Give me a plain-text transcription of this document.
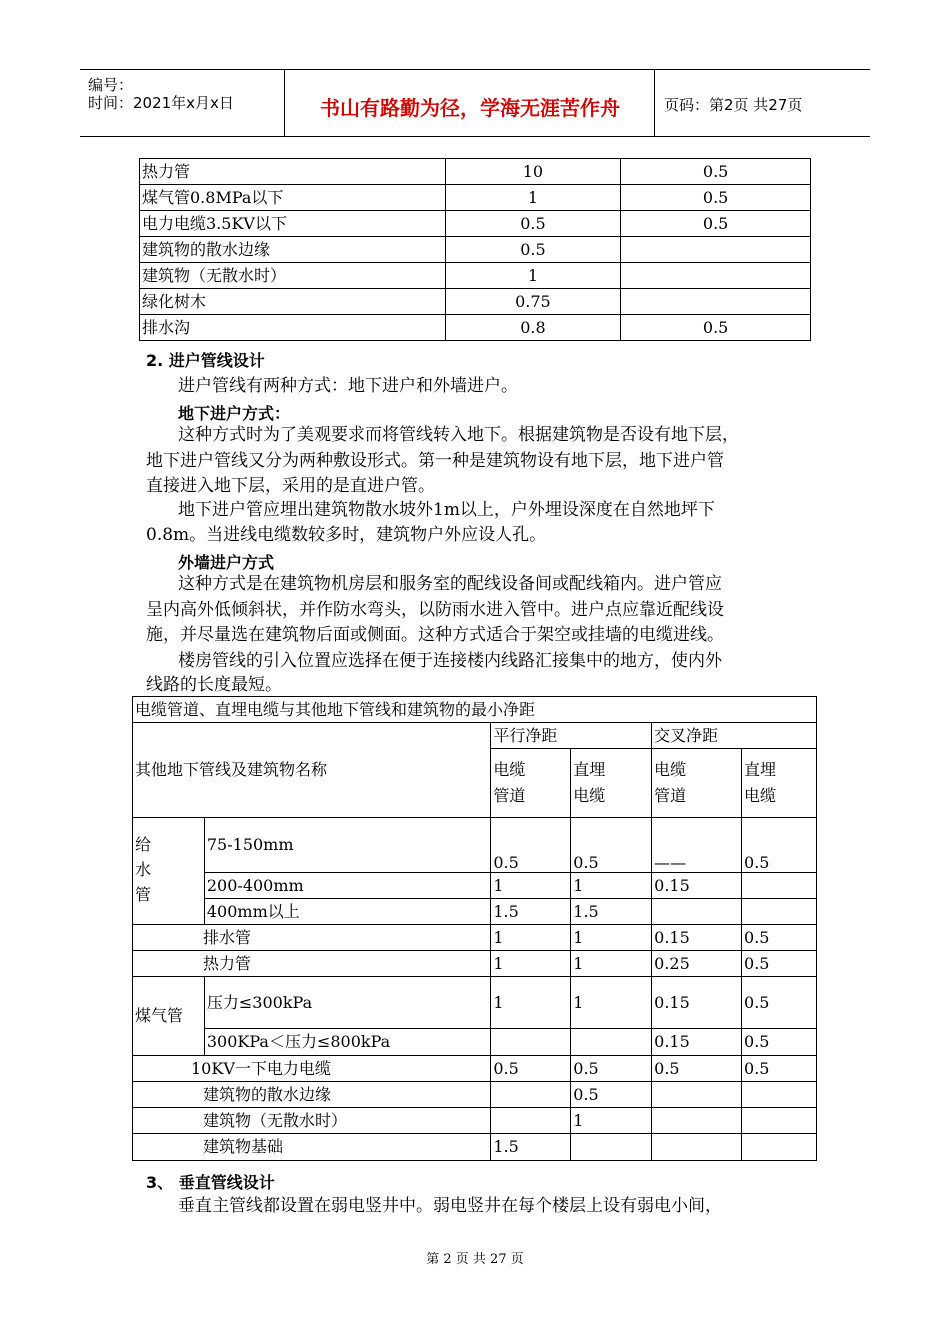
编号：
时间：2021年x月x日	书山有路勤为径，学海无涯苦作舟	页码：第2页 共27页
热力管	10	0.5
煤气管0.8MPa以下	1	0.5
电力电缆3.5KV以下	0.5	0.5
建筑物的散水边缘	0.5	
建筑物（无散水时）	1	
绿化树木	0.75	
排水沟	0.8	0.5
2. 进户管线设计
进户管线有两种方式：地下进户和外墙进户。
地下进户方式：
这种方式时为了美观要求而将管线转入地下。根据建筑物是否设有地下层，
地下进户管线又分为两种敷设形式。第一种是建筑物设有地下层，地下进户管
直接进入地下层，采用的是直进户管。
地下进户管应埋出建筑物散水坡外1m以上，户外埋设深度在自然地坪下
0.8m。当进线电缆数较多时，建筑物户外应设人孔。
外墙进户方式
这种方式是在建筑物机房层和服务室的配线设备间或配线箱内。进户管应
呈内高外低倾斜状，并作防水弯头，以防雨水进入管中。进户点应靠近配线设
施，并尽量选在建筑物后面或侧面。这种方式适合于架空或挂墙的电缆进线。
楼房管线的引入位置应选择在便于连接楼内线路汇接集中的地方，使内外
线路的长度最短。
电缆管道、直埋电缆与其他地下管线和建筑物的最小净距					
其他地下管线及建筑物名称		平行净距		交叉净距	

		电缆管道	直埋电缆	电缆管道	直埋电缆

给水管	75-150mm	0.5	0.5	——	0.5
	200-400mm	1	1	0.15	
	400mm以上	1.5	1.5		
排水管		1	1	0.15	0.5
热力管		1	1	0.25	0.5
煤气管	压力≤300kPa	1	1	0.15	0.5
	300KPa＜压力≤800kPa			0.15	0.5
10KV一下电力电缆		0.5	0.5	0.5	0.5
建筑物的散水边缘			0.5		
建筑物（无散水时）			1		
建筑物基础		1.5			
3、 垂直管线设计
垂直主管线都设置在弱电竖井中。弱电竖井在每个楼层上设有弱电小间，
第 2 页 共 27 页
